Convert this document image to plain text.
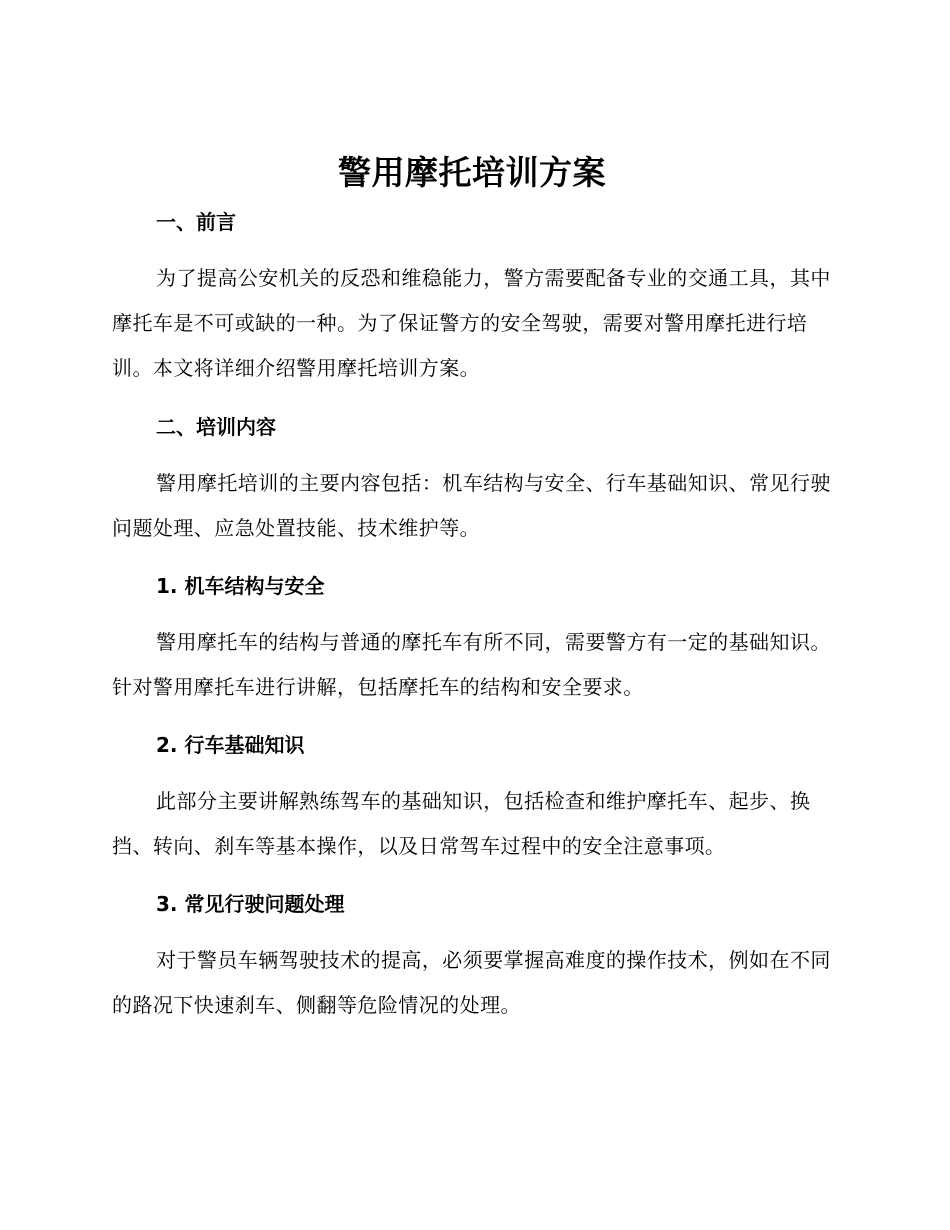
警用摩托培训方案
一、前言

为了提高公安机关的反恐和维稳能力，警方需要配备专业的交通工具，其中摩托车是不可或缺的一种。为了保证警方的安全驾驶，需要对警用摩托进行培训。本文将详细介绍警用摩托培训方案。

二、培训内容

警用摩托培训的主要内容包括：机车结构与安全、行车基础知识、常见行驶问题处理、应急处置技能、技术维护等。

1. 机车结构与安全

警用摩托车的结构与普通的摩托车有所不同，需要警方有一定的基础知识。针对警用摩托车进行讲解，包括摩托车的结构和安全要求。

2. 行车基础知识

此部分主要讲解熟练驾车的基础知识，包括检查和维护摩托车、起步、换挡、转向、刹车等基本操作，以及日常驾车过程中的安全注意事项。

3. 常见行驶问题处理

对于警员车辆驾驶技术的提高，必须要掌握高难度的操作技术，例如在不同的路况下快速刹车、侧翻等危险情况的处理。
